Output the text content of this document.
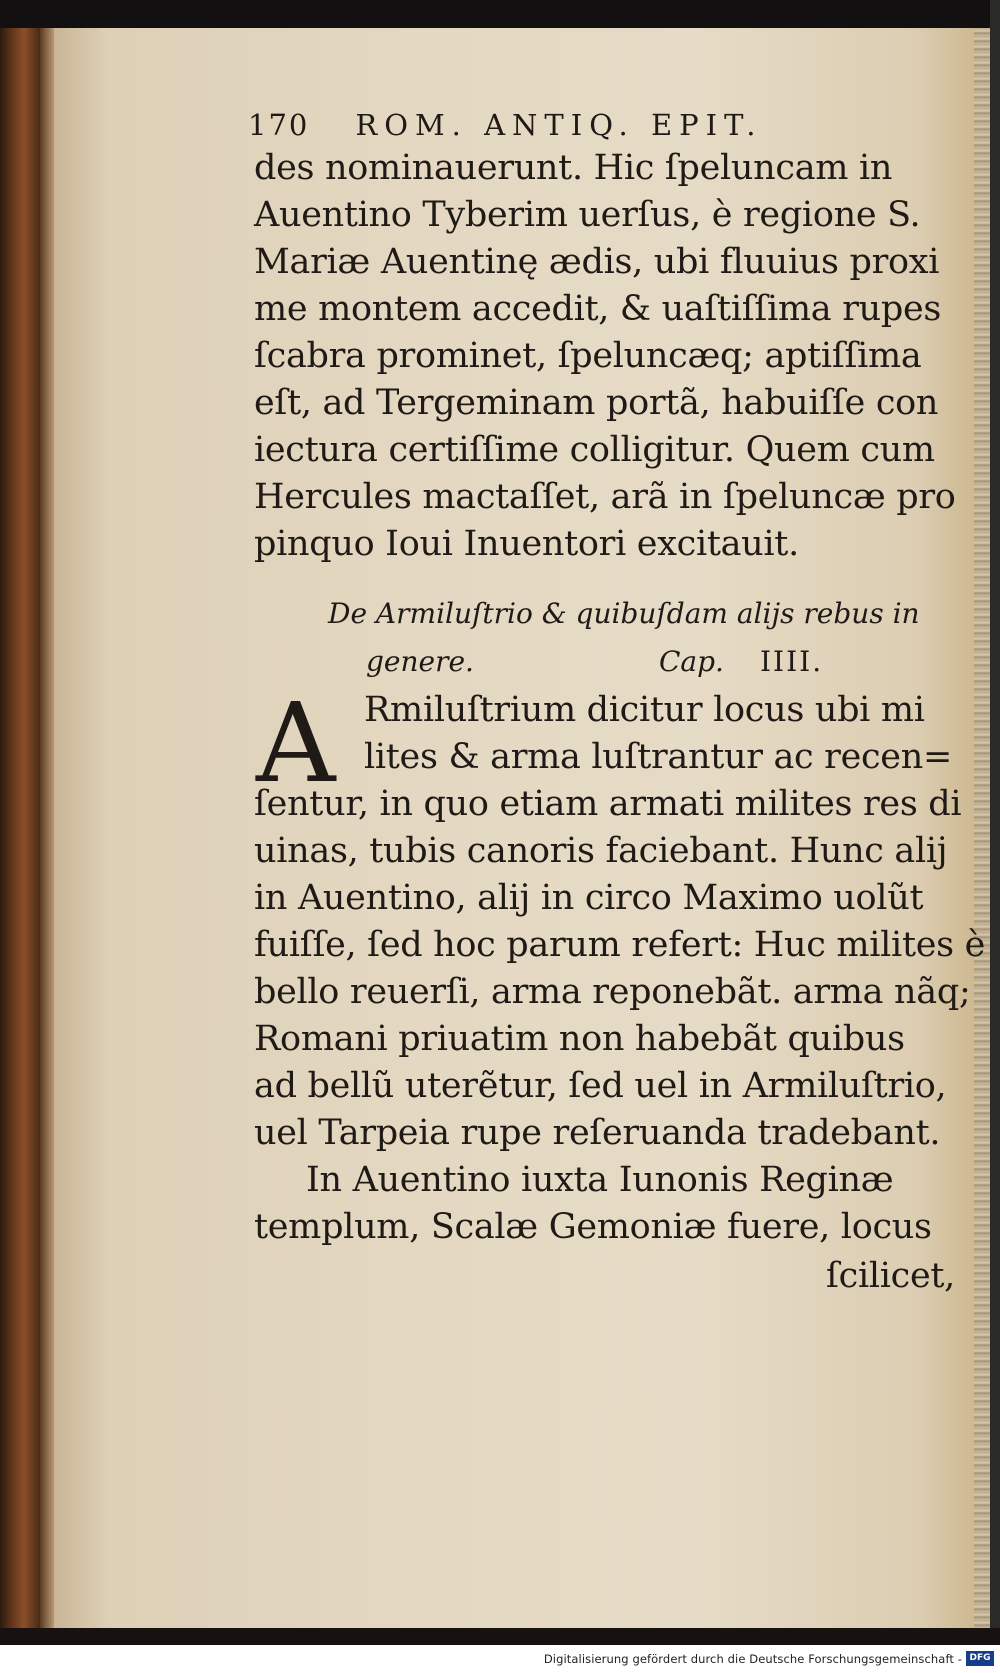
170 ROM. ANTIQ. EPIT.
des nominauerunt. Hic ſpeluncam in
Auentino Tyberim uerſus, è regione S.
Mariæ Auentinę ædis, ubi fluuius proxi
me montem accedit, & uaſtiſſima rupes
ſcabra prominet, ſpeluncæq; aptiſſima
eſt, ad Tergeminam portã, habuiſſe con
iectura certiſſime colligitur. Quem cum
Hercules mactaſſet, arã in ſpeluncæ pro
pinquo Ioui Inuentori excitauit.
De Armiluſtrio & quibuſdam alijs rebus in
genere.	Cap. IIII.
A Rmiluſtrium dicitur locus ubi mi
lites & arma luſtrantur ac recen=
ſentur, in quo etiam armati milites res di
uinas, tubis canoris faciebant. Hunc alij
in Auentino, alij in circo Maximo uolũt
fuiſſe, ſed hoc parum refert: Huc milites è
bello reuerſi, arma reponebãt. arma nãq;
Romani priuatim non habebãt quibus
ad bellũ uterẽtur, ſed uel in Armiluſtrio,
uel Tarpeia rupe reſeruanda tradebant.
In Auentino iuxta Iunonis Reginæ
templum, Scalæ Gemoniæ fuere, locus
ſcilicet,
Digitalisierung gefördert durch die Deutsche Forschungsgemeinschaft - DFG
